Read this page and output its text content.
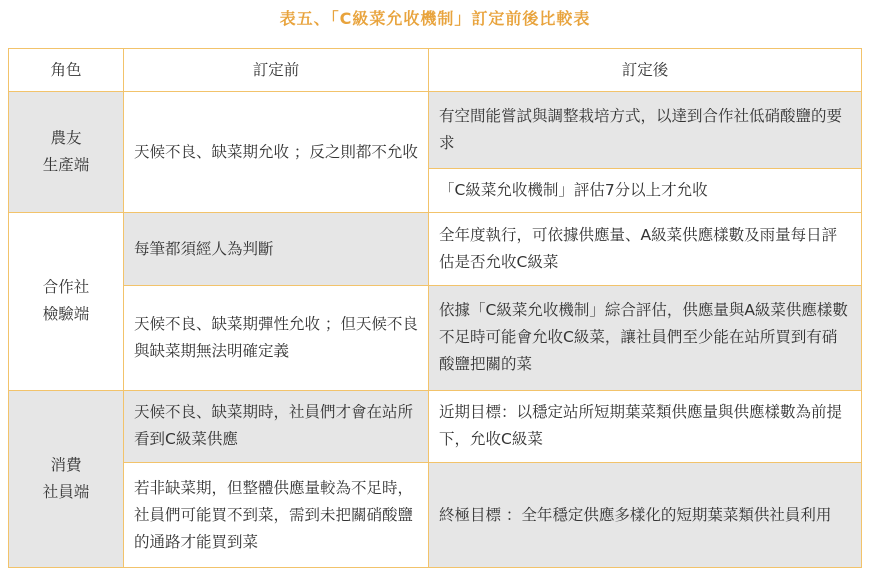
表五、「C級菜允收機制」訂定前後比較表
角色	訂定前	訂定後

農友
生產端	天候不良、缺菜期允收 ；反之則都不允收	有空間能嘗試與調整栽培方式，以達到合作社低硝酸鹽的要求
		「C級菜允收機制」評估7分以上才允收

合作社
檢驗端	每筆都須經人為判斷	全年度執行，可依據供應量、A級菜供應樣數及雨量每日評估是否允收C級菜
	天候不良、缺菜期彈性允收 ；但天候不良與缺菜期無法明確定義	依據「C級菜允收機制」綜合評估，供應量與A級菜供應樣數不足時可能會允收C級菜，讓社員們至少能在站所買到有硝酸鹽把關的菜

消費
社員端	天候不良、缺菜期時，社員們才會在站所看到C級菜供應	近期目標：以穩定站所短期葉菜類供應量與供應樣數為前提下，允收C級菜
	若非缺菜期，但整體供應量較為不足時，社員們可能買不到菜，需到未把關硝酸鹽的通路才能買到菜	終極目標 ：全年穩定供應多樣化的短期葉菜類供社員利用
